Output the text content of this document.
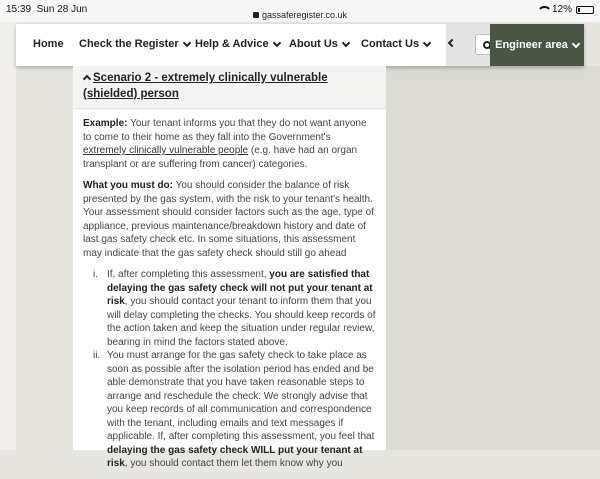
15:39 Sun 28 Jun	gassaferegister.co.uk	12%
Home Check the Register Help & Advice About Us Contact Us	Engineer area
Scenario 2 - extremely clinically vulnerable (shielded) person

Example: Your tenant informs you that they do not want anyone to come to their home as they fall into the Government's extremely clinically vulnerable people (e.g. have had an organ transplant or are suffering from cancer) categories.

What you must do: You should consider the balance of risk presented by the gas system, with the risk to your tenant's health. Your assessment should consider factors such as the age, type of appliance, previous maintenance/breakdown history and date of last gas safety check etc. In some situations, this assessment may indicate that the gas safety check should still go ahead

i. If, after completing this assessment, you are satisfied that delaying the gas safety check will not put your tenant at risk, you should contact your tenant to inform them that you will delay completing the checks. You should keep records of the action taken and keep the situation under regular review, bearing in mind the factors stated above.
ii. You must arrange for the gas safety check to take place as soon as possible after the isolation period has ended and be able demonstrate that you have taken reasonable steps to arrange and reschedule the check. We strongly advise that you keep records of all communication and correspondence with the tenant, including emails and text messages if applicable. If, after completing this assessment, you feel that delaying the gas safety check WILL put your tenant at risk, you should contact them let them know why you
